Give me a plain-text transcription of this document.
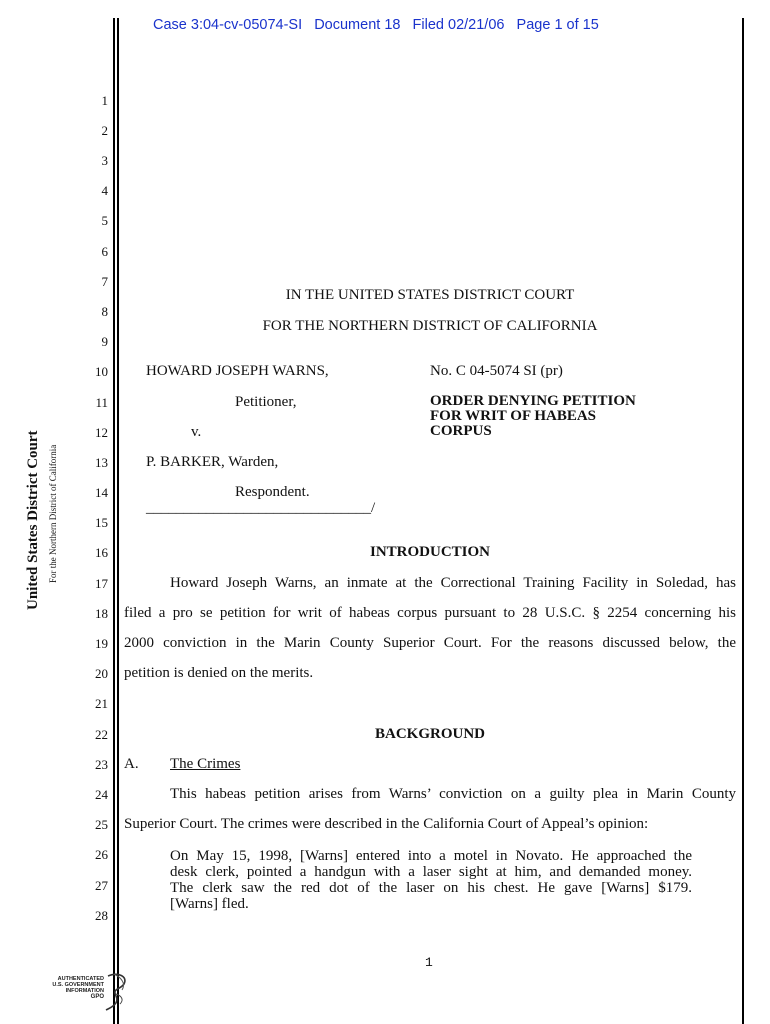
Case 3:04-cv-05074-SI Document 18 Filed 02/21/06 Page 1 of 15
United States District Court For the Northern District of California
1
2
3
4
5
6
7
8
9
10
11
12
13
14
15
16
17
18
19
20
21
22
23
24
25
26
27
28
IN THE UNITED STATES DISTRICT COURT
FOR THE NORTHERN DISTRICT OF CALIFORNIA
HOWARD JOSEPH WARNS,	No. C 04-5074 SI (pr)
Petitioner,	ORDER DENYING PETITION
FOR WRIT OF HABEAS
CORPUS
v.
P. BARKER, Warden,
Respondent.
______________________________/
INTRODUCTION
Howard Joseph Warns, an inmate at the Correctional Training Facility in Soledad, has
filed a pro se petition for writ of habeas corpus pursuant to 28 U.S.C. § 2254 concerning his
2000 conviction in the Marin County Superior Court. For the reasons discussed below, the
petition is denied on the merits.
BACKGROUND
A. The Crimes
This habeas petition arises from Warns’ conviction on a guilty plea in Marin County
Superior Court. The crimes were described in the California Court of Appeal’s opinion:
On May 15, 1998, [Warns] entered into a motel in Novato. He approached the
desk clerk, pointed a handgun with a laser sight at him, and demanded money.
The clerk saw the red dot of the laser on his chest. He gave [Warns] $179.
[Warns] fled.
1
AUTHENTICATED
U.S. GOVERNMENT
INFORMATION
GPO
